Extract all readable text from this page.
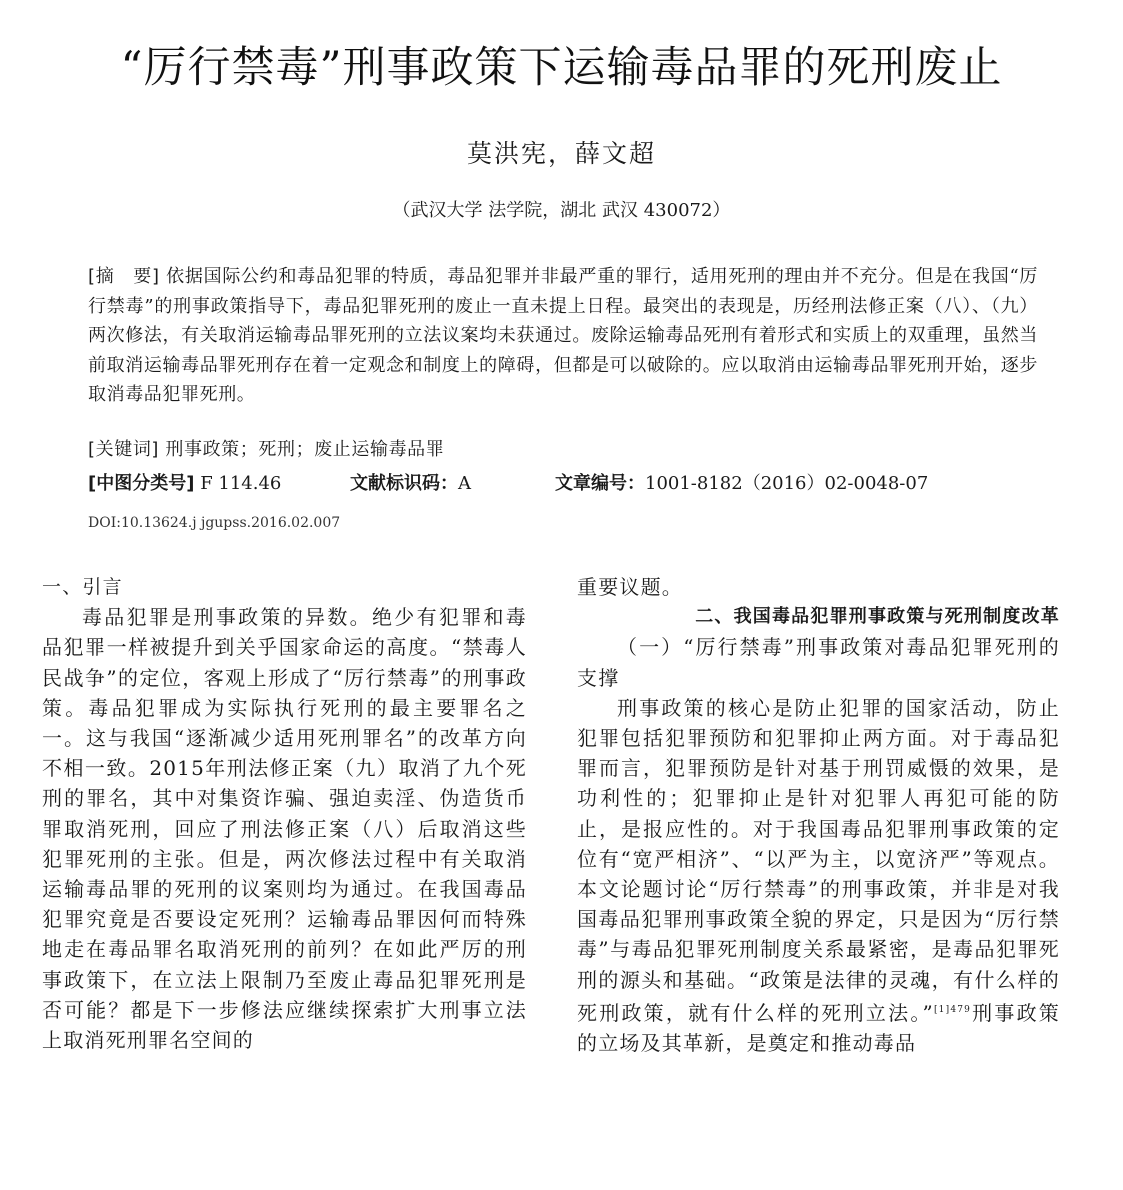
“厉行禁毒”刑事政策下运输毒品罪的死刑废止
莫洪宪，薛文超
（武汉大学 法学院，湖北 武汉 430072）
[摘　要] 依据国际公约和毒品犯罪的特质，毒品犯罪并非最严重的罪行，适用死刑的理由并不充分。但是在我国“厉行禁毒”的刑事政策指导下，毒品犯罪死刑的废止一直未提上日程。最突出的表现是，历经刑法修正案（八）、（九）两次修法，有关取消运输毒品罪死刑的立法议案均未获通过。废除运输毒品死刑有着形式和实质上的双重理，虽然当前取消运输毒品罪死刑存在着一定观念和制度上的障碍，但都是可以破除的。应以取消由运输毒品罪死刑开始，逐步取消毒品犯罪死刑。
[关键词] 刑事政策；死刑；废止运输毒品罪
[中图分类号] F 114.46	文献标识码：A	文章编号：1001-8182（2016）02-0048-07
DOI:10.13624.j jgupss.2016.02.007

一、引言

毒品犯罪是刑事政策的异数。绝少有犯罪和毒品犯罪一样被提升到关乎国家命运的高度。“禁毒人民战争”的定位，客观上形成了“厉行禁毒”的刑事政策。毒品犯罪成为实际执行死刑的最主要罪名之一。这与我国“逐渐减少适用死刑罪名”的改革方向不相一致。2015年刑法修正案（九）取消了九个死刑的罪名，其中对集资诈骗、强迫卖淫、伪造货币罪取消死刑，回应了刑法修正案（八）后取消这些犯罪死刑的主张。但是，两次修法过程中有关取消运输毒品罪的死刑的议案则均为通过。在我国毒品犯罪究竟是否要设定死刑？运输毒品罪因何而特殊地走在毒品罪名取消死刑的前列？在如此严厉的刑事政策下，在立法上限制乃至废止毒品犯罪死刑是否可能？都是下一步修法应继续探索扩大刑事立法上取消死刑罪名空间的

重要议题。

二、我国毒品犯罪刑事政策与死刑制度改革

（一）“厉行禁毒”刑事政策对毒品犯罪死刑的支撑

刑事政策的核心是防止犯罪的国家活动，防止犯罪包括犯罪预防和犯罪抑止两方面。对于毒品犯罪而言，犯罪预防是针对基于刑罚威慑的效果，是功利性的；犯罪抑止是针对犯罪人再犯可能的防止，是报应性的。对于我国毒品犯罪刑事政策的定位有“宽严相济”、“以严为主，以宽济严”等观点。本文论题讨论“厉行禁毒”的刑事政策，并非是对我国毒品犯罪刑事政策全貌的界定，只是因为“厉行禁毒”与毒品犯罪死刑制度关系最紧密，是毒品犯罪死刑的源头和基础。“政策是法律的灵魂，有什么样的死刑政策，就有什么样的死刑立法。”$^{[1]479}$刑事政策的立场及其革新，是奠定和推动毒品
